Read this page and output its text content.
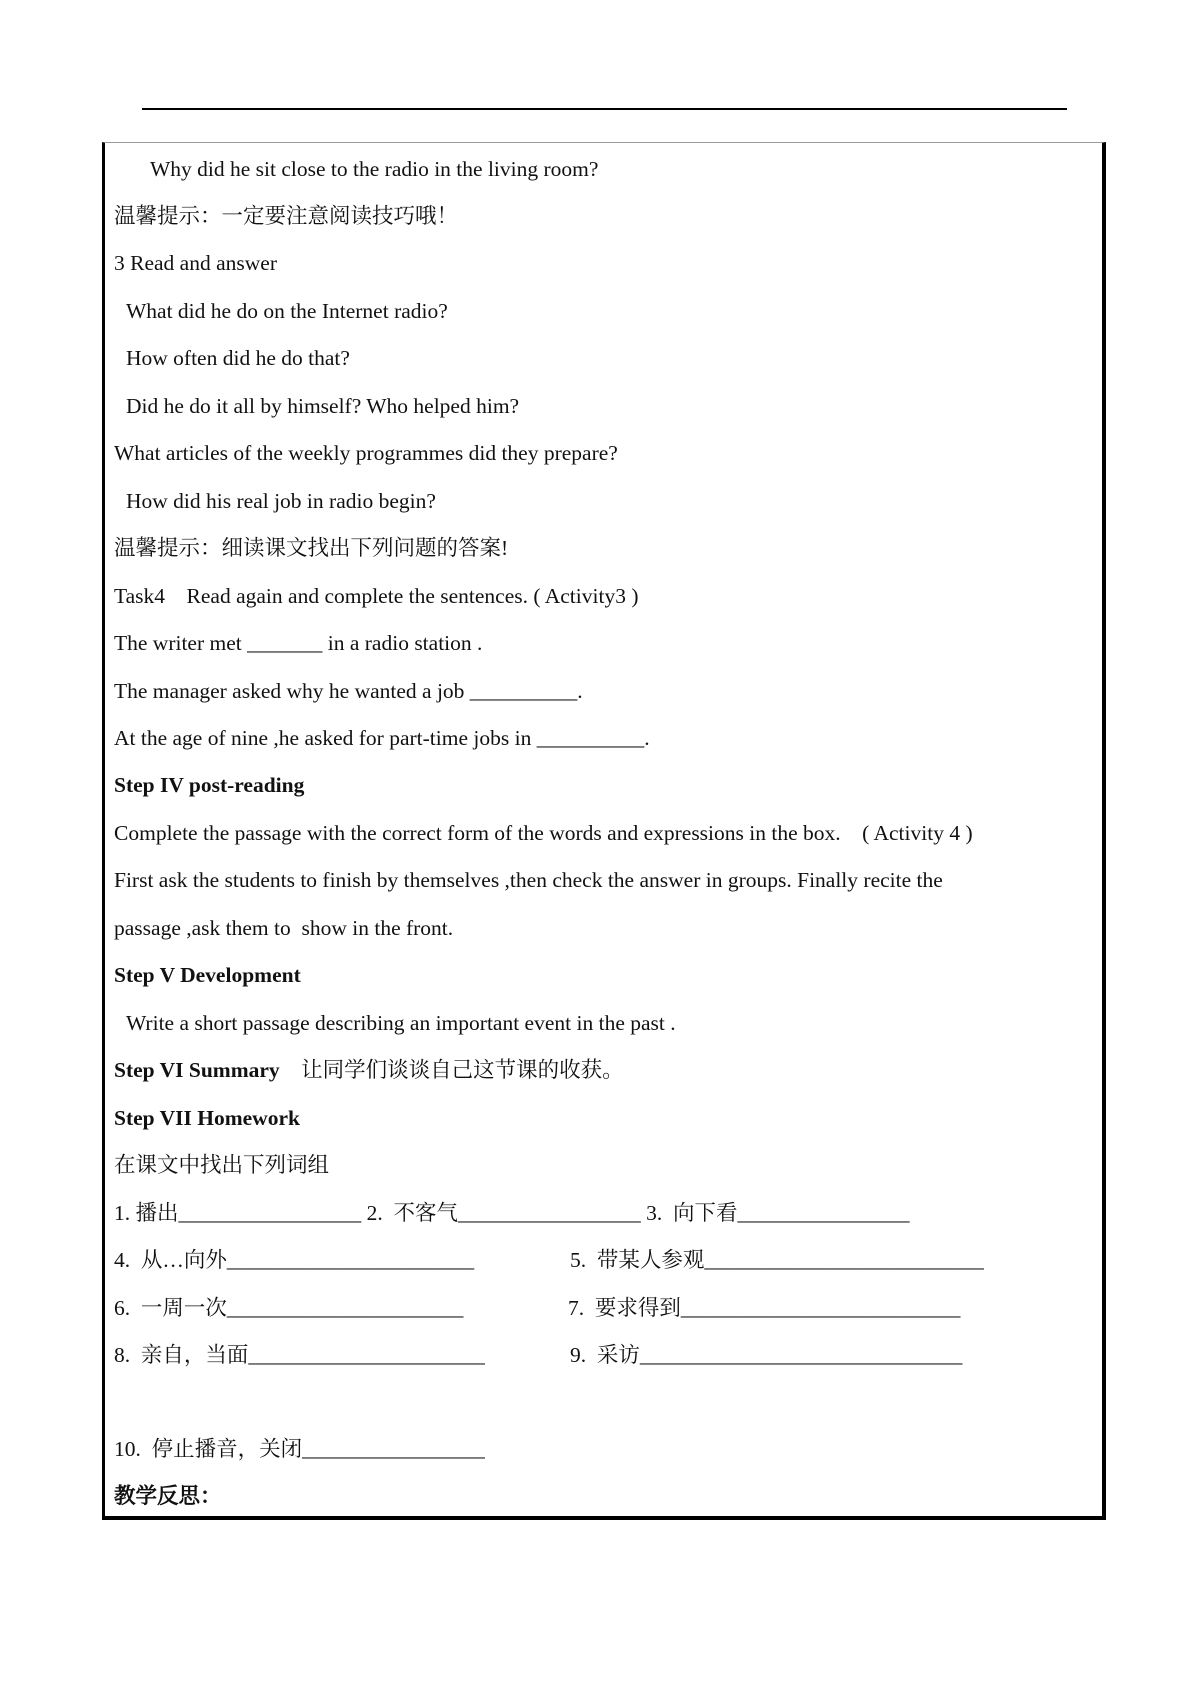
Why did he sit close to the radio in the living room?
温馨提示：一定要注意阅读技巧哦！
3 Read and answer
What did he do on the Internet radio?
How often did he do that?
Did he do it all by himself? Who helped him?
What articles of the weekly programmes did they prepare?
How did his real job in radio begin?
温馨提示：细读课文找出下列问题的答案!
Task4    Read again and complete the sentences. ( Activity3 )
The writer met _______ in a radio station .
The manager asked why he wanted a job __________.
At the age of nine ,he asked for part-time jobs in __________.
Step IV post-reading
Complete the passage with the correct form of the words and expressions in the box.    ( Activity 4 )
First ask the students to finish by themselves ,then check the answer in groups. Finally recite the
passage ,ask them to  show in the front.
Step V Development
Write a short passage describing an important event in the past .
Step VI Summary 让同学们谈谈自己这节课的收获。
Step VII Homework
在课文中找出下列词组
1. 播出_________________ 2.  不客气_________________ 3.  向下看________________
4.  从…向外_______________________	5.  带某人参观__________________________
6.  一周一次______________________	7.  要求得到__________________________
8.  亲自，当面______________________	9.  采访______________________________
10.  停止播音，关闭_________________
教学反思：
